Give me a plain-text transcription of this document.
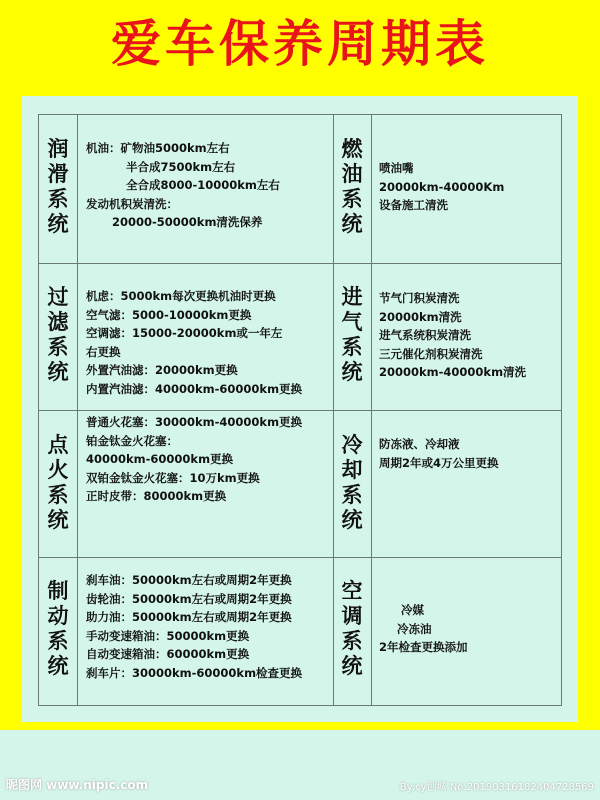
爱车保养周期表
润
滑
系
统
机油：矿物油5000km左右
半合成7500km左右
全合成8000-10000km左右
发动机积炭清洗：
20000-50000km清洗保养
燃
油
系
统
喷油嘴
20000km-40000Km
设备施工清洗
过
滤
系
统
机虑：5000km每次更换机油时更换
空气滤：5000-10000km更换
空调滤：15000-20000km或一年左
右更换
外置汽油滤：20000km更换
内置汽油滤：40000km-60000km更换
进
气
系
统
节气门积炭清洗
20000km清洗
进气系统积炭清洗
三元催化剂积炭清洗
20000km-40000km清洗
点
火
系
统
普通火花塞：30000km-40000km更换
铂金钛金火花塞：
40000km-60000km更换
双铂金钛金火花塞：10万km更换
正时皮带：80000km更换
冷
却
系
统
防冻液、冷却液
周期2年或4万公里更换
制
动
系
统
刹车油：50000km左右或周期2年更换
齿轮油：50000km左右或周期2年更换
助力油：50000km左右或周期2年更换
手动变速箱油：50000km更换
自动变速箱油：60000km更换
刹车片：30000km-60000km检查更换
空
调
系
统
冷媒
冷冻油
2年检查更换添加
昵图网 www.nipic.com	By:cy创城 No:20190316182404728569
